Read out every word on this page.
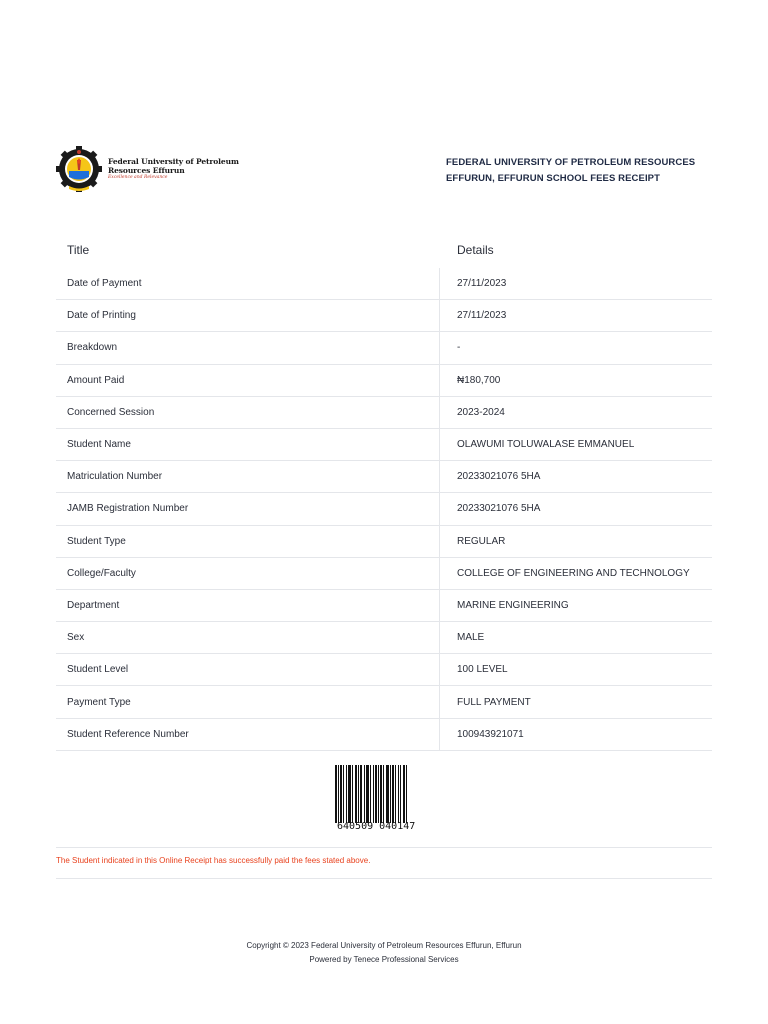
Federal University of Petroleum
Resources Effurun
Excellence and Relevance
FEDERAL UNIVERSITY OF PETROLEUM RESOURCES
EFFURUN, EFFURUN SCHOOL FEES RECEIPT
Title	Details
Date of Payment	27/11/2023
Date of Printing	27/11/2023
Breakdown	-
Amount Paid	₦180,700
Concerned Session	2023-2024
Student Name	OLAWUMI TOLUWALASE EMMANUEL
Matriculation Number	20233021076 5HA
JAMB Registration Number	20233021076 5HA
Student Type	REGULAR
College/Faculty	COLLEGE OF ENGINEERING AND TECHNOLOGY
Department	MARINE ENGINEERING
Sex	MALE
Student Level	100 LEVEL
Payment Type	FULL PAYMENT
Student Reference Number	100943921071
640509 040147
The Student indicated in this Online Receipt has successfully paid the fees stated above.
Copyright © 2023 Federal University of Petroleum Resources Effurun, Effurun
Powered by Tenece Professional Services
